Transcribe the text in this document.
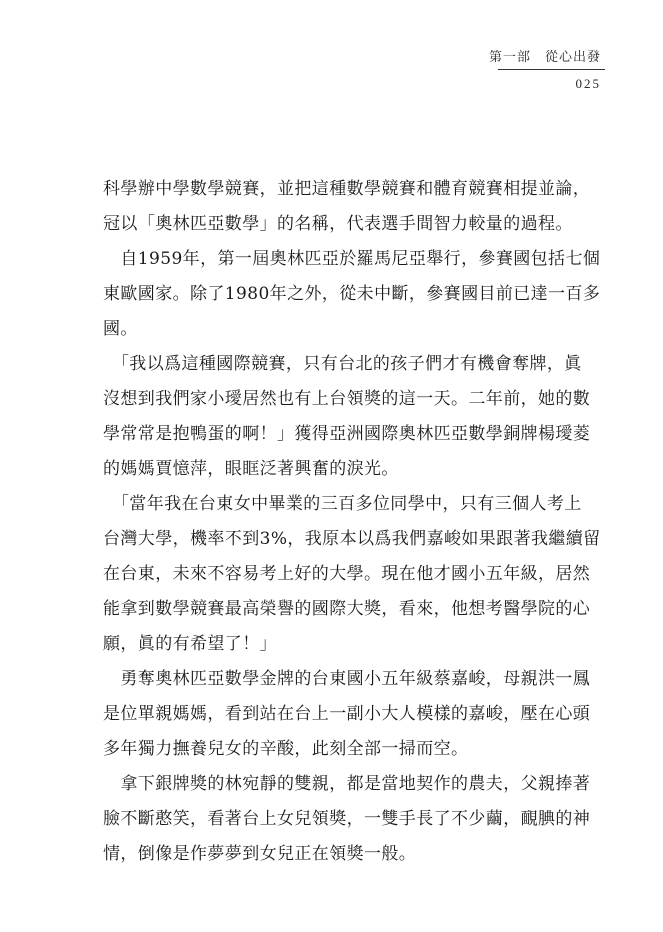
第一部　從心出發
025
科學辦中學數學競賽，並把這種數學競賽和體育競賽相提並論，
冠以「奧林匹亞數學」的名稱，代表選手間智力較量的過程。
　自1959年，第一屆奧林匹亞於羅馬尼亞舉行，參賽國包括七個
東歐國家。除了1980年之外，從未中斷，參賽國目前已達一百多
國。
　「我以爲這種國際競賽，只有台北的孩子們才有機會奪牌，眞
沒想到我們家小璦居然也有上台領獎的這一天。二年前，她的數
學常常是抱鴨蛋的啊！」獲得亞洲國際奧林匹亞數學銅牌楊璦菱
的媽媽賈憶萍，眼眶泛著興奮的淚光。
　「當年我在台東女中畢業的三百多位同學中，只有三個人考上
台灣大學，機率不到3%，我原本以爲我們嘉峻如果跟著我繼續留
在台東，未來不容易考上好的大學。現在他才國小五年級，居然
能拿到數學競賽最高榮譽的國際大獎，看來，他想考醫學院的心
願，眞的有希望了！」
　勇奪奧林匹亞數學金牌的台東國小五年級蔡嘉峻，母親洪一鳳
是位單親媽媽，看到站在台上一副小大人模樣的嘉峻，壓在心頭
多年獨力撫養兒女的辛酸，此刻全部一掃而空。
　拿下銀牌獎的林宛靜的雙親，都是當地契作的農夫，父親捧著
臉不斷憨笑，看著台上女兒領獎，一雙手長了不少繭，靦腆的神
情，倒像是作夢夢到女兒正在領獎一般。
